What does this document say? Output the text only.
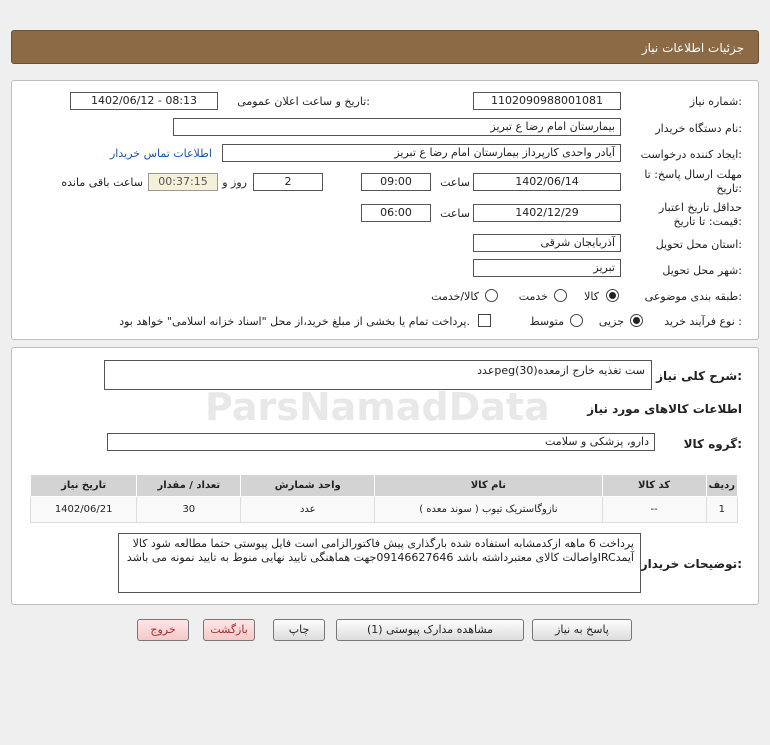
جزئیات اطلاعات نیاز
شماره نیاز:
1102090988001081
تاریخ و ساعت اعلان عمومی:
1402/06/12 - 08:13
نام دستگاه خریدار:
بیمارستان امام رضا ع تبریز
ایجاد کننده درخواست:
آیادر واحدی کارپرداز بیمارستان امام رضا ع تبریز
اطلاعات تماس خریدار
مهلت ارسال پاسخ: تا
تاریخ:
1402/06/14
ساعت
09:00
2
روز و
00:37:15
ساعت باقی مانده
حداقل تاریخ اعتبار
قیمت: تا تاریخ:
1402/12/29
ساعت
06:00
استان محل تحویل:
آذربایجان شرقی
شهر محل تحویل:
تبریز
طبقه بندی موضوعی:
کالا
خدمت
کالا/خدمت
نوع فرآیند خرید :
جزیی
متوسط
پرداخت تمام یا بخشی از مبلغ خرید،از محل "اسناد خزانه اسلامی" خواهد بود.
شرح کلی نیاز:
ست تغذیه خارج ازمعده(peg(30عدد
اطلاعات کالاهای مورد نیاز
گروه کالا:
دارو، پزشکی و سلامت
ردیف	کد کالا	نام کالا	واحد شمارش	تعداد / مقدار	تاریخ نیاز
1	--	نازوگاستریک تیوب ( سوند معده )	عدد	30	1402/06/21
توضیحات خریدار:
پرداخت 6 ماهه ازکدمشابه استفاده شده بارگذاری پیش فاکتورالزامی است فایل پیوستی حتما مطالعه شود کالا آیمدIRCواصالت کالای معتبرداشته باشد 09146627646جهت هماهنگی تایید نهایی منوط به تایید نمونه می باشد
ParsNamadData
پاسخ به نیاز
مشاهده مدارک پیوستی (1)
چاپ
بازگشت
خروج
